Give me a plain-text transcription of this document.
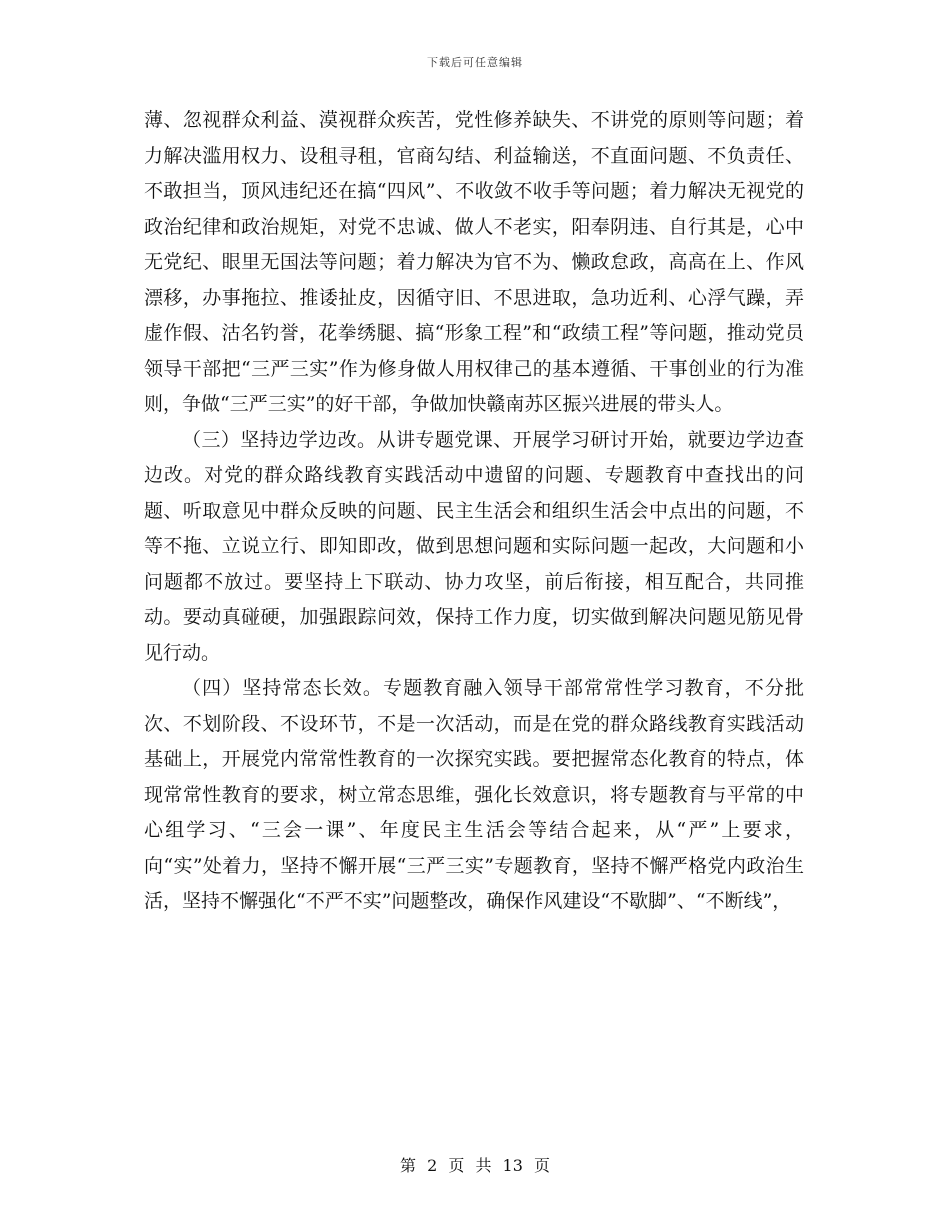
下载后可任意编辑

薄、忽视群众利益、漠视群众疾苦，党性修养缺失、不讲党的原则等问题；着力解决滥用权力、设租寻租，官商勾结、利益输送，不直面问题、不负责任、不敢担当，顶风违纪还在搞“四风”、不收敛不收手等问题；着力解决无视党的政治纪律和政治规矩，对党不忠诚、做人不老实，阳奉阴违、自行其是，心中无党纪、眼里无国法等问题；着力解决为官不为、懒政怠政，高高在上、作风漂移，办事拖拉、推诿扯皮，因循守旧、不思进取，急功近利、心浮气躁，弄虚作假、沽名钓誉，花拳绣腿、搞“形象工程”和“政绩工程”等问题，推动党员领导干部把“三严三实”作为修身做人用权律己的基本遵循、干事创业的行为准则，争做“三严三实”的好干部，争做加快赣南苏区振兴进展的带头人。

（三）坚持边学边改。从讲专题党课、开展学习研讨开始，就要边学边查边改。对党的群众路线教育实践活动中遗留的问题、专题教育中查找出的问题、听取意见中群众反映的问题、民主生活会和组织生活会中点出的问题，不等不拖、立说立行、即知即改，做到思想问题和实际问题一起改，大问题和小问题都不放过。要坚持上下联动、协力攻坚，前后衔接，相互配合，共同推动。要动真碰硬，加强跟踪问效，保持工作力度，切实做到解决问题见筋见骨见行动。

（四）坚持常态长效。专题教育融入领导干部常常性学习教育，不分批次、不划阶段、不设环节，不是一次活动，而是在党的群众路线教育实践活动基础上，开展党内常常性教育的一次探究实践。要把握常态化教育的特点，体现常常性教育的要求，树立常态思维，强化长效意识，将专题教育与平常的中心组学习、“三会一课”、年度民主生活会等结合起来，从“严”上要求，向“实”处着力，坚持不懈开展“三严三实”专题教育，坚持不懈严格党内政治生活，坚持不懈强化“不严不实”问题整改，确保作风建设“不歇脚”、“不断线”，

第 2 页 共 13 页
